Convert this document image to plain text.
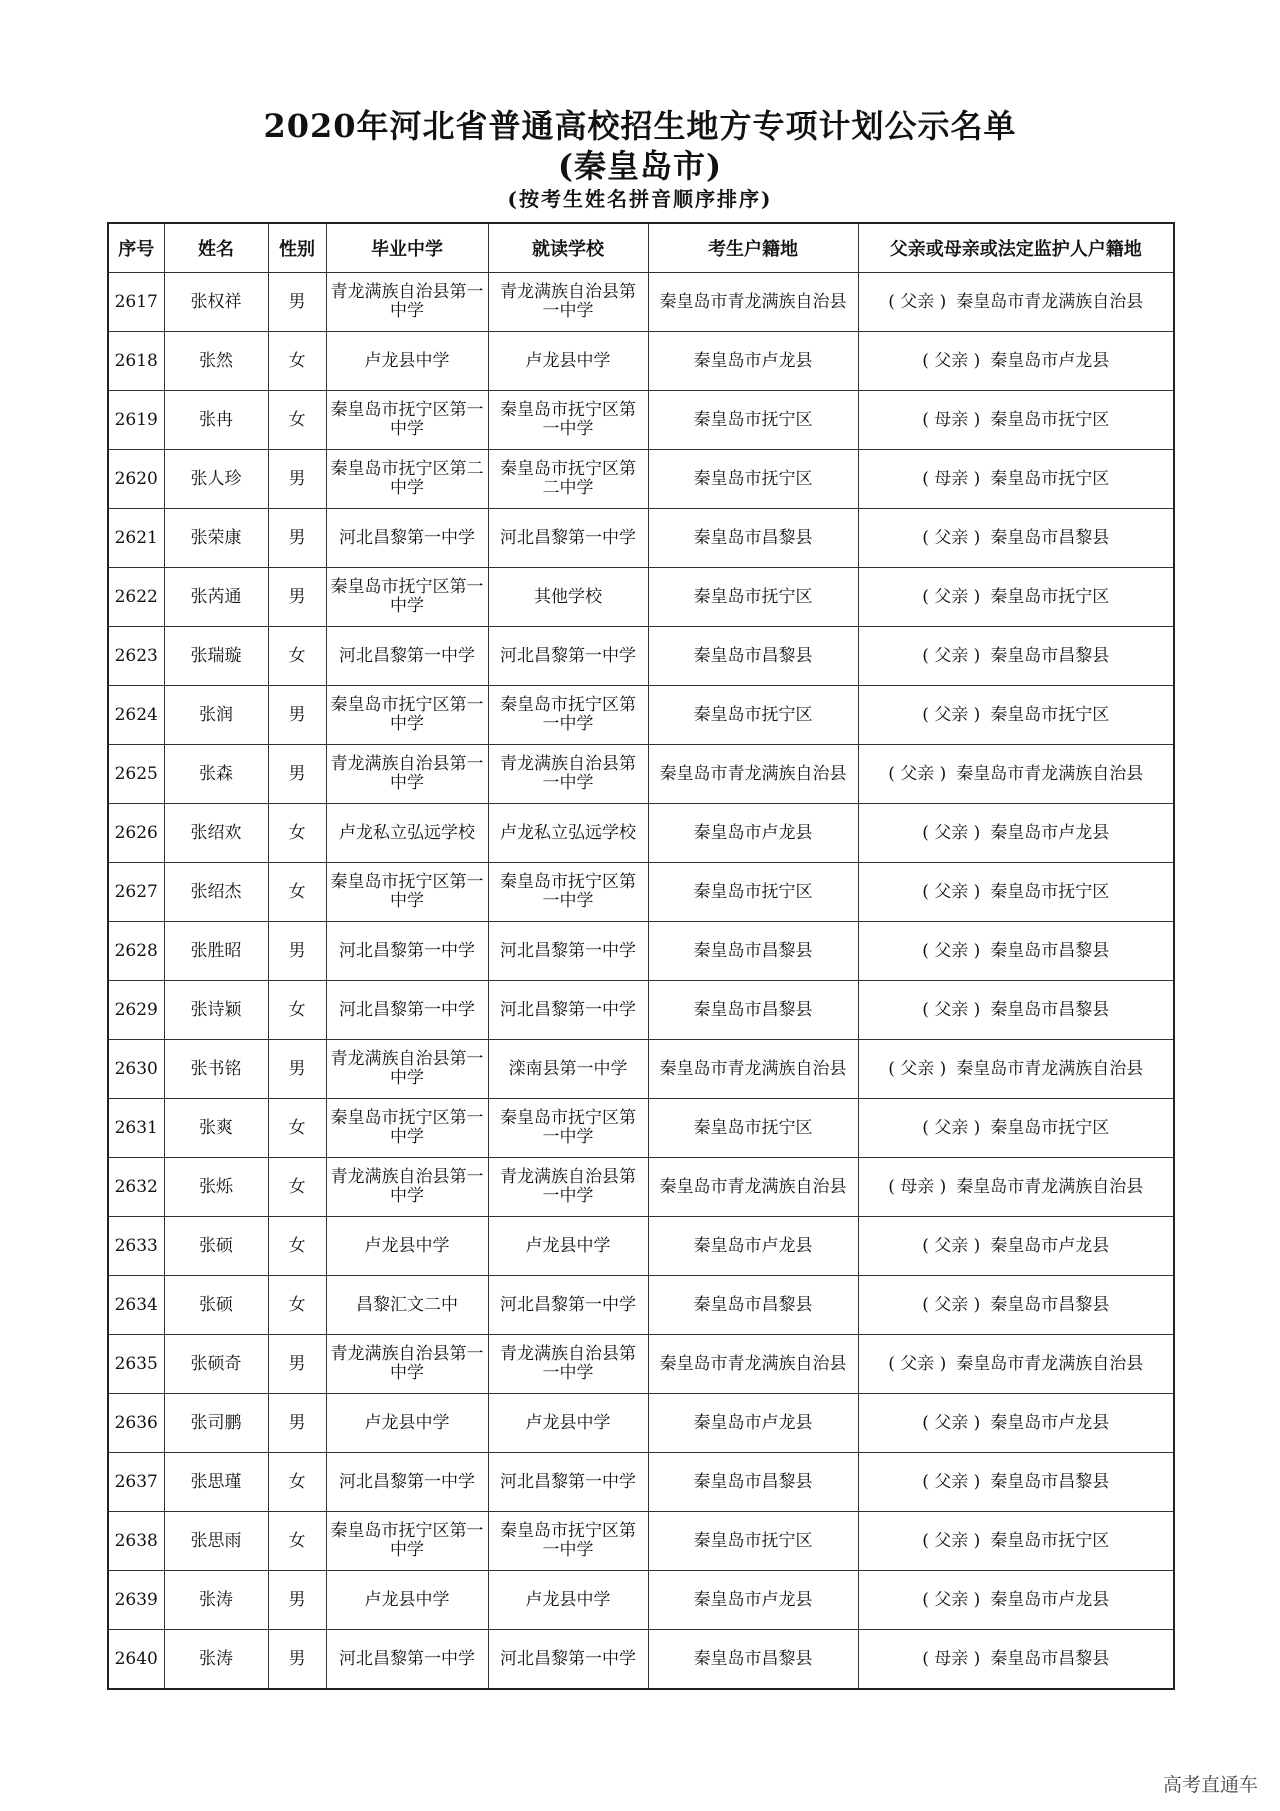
2020年河北省普通高校招生地方专项计划公示名单
(秦皇岛市)
(按考生姓名拼音顺序排序)
序号	姓名	性别	毕业中学	就读学校	考生户籍地	父亲或母亲或法定监护人户籍地
2617	张权祥	男	青龙满族自治县第一中学	青龙满族自治县第一中学	秦皇岛市青龙满族自治县	( 父亲 ) 秦皇岛市青龙满族自治县
2618	张然	女	卢龙县中学	卢龙县中学	秦皇岛市卢龙县	( 父亲 ) 秦皇岛市卢龙县
2619	张冉	女	秦皇岛市抚宁区第一中学	秦皇岛市抚宁区第一中学	秦皇岛市抚宁区	( 母亲 ) 秦皇岛市抚宁区
2620	张人珍	男	秦皇岛市抚宁区第二中学	秦皇岛市抚宁区第二中学	秦皇岛市抚宁区	( 母亲 ) 秦皇岛市抚宁区
2621	张荣康	男	河北昌黎第一中学	河北昌黎第一中学	秦皇岛市昌黎县	( 父亲 ) 秦皇岛市昌黎县
2622	张芮通	男	秦皇岛市抚宁区第一中学	其他学校	秦皇岛市抚宁区	( 父亲 ) 秦皇岛市抚宁区
2623	张瑞璇	女	河北昌黎第一中学	河北昌黎第一中学	秦皇岛市昌黎县	( 父亲 ) 秦皇岛市昌黎县
2624	张润	男	秦皇岛市抚宁区第一中学	秦皇岛市抚宁区第一中学	秦皇岛市抚宁区	( 父亲 ) 秦皇岛市抚宁区
2625	张森	男	青龙满族自治县第一中学	青龙满族自治县第一中学	秦皇岛市青龙满族自治县	( 父亲 ) 秦皇岛市青龙满族自治县
2626	张绍欢	女	卢龙私立弘远学校	卢龙私立弘远学校	秦皇岛市卢龙县	( 父亲 ) 秦皇岛市卢龙县
2627	张绍杰	女	秦皇岛市抚宁区第一中学	秦皇岛市抚宁区第一中学	秦皇岛市抚宁区	( 父亲 ) 秦皇岛市抚宁区
2628	张胜昭	男	河北昌黎第一中学	河北昌黎第一中学	秦皇岛市昌黎县	( 父亲 ) 秦皇岛市昌黎县
2629	张诗颖	女	河北昌黎第一中学	河北昌黎第一中学	秦皇岛市昌黎县	( 父亲 ) 秦皇岛市昌黎县
2630	张书铭	男	青龙满族自治县第一中学	滦南县第一中学	秦皇岛市青龙满族自治县	( 父亲 ) 秦皇岛市青龙满族自治县
2631	张爽	女	秦皇岛市抚宁区第一中学	秦皇岛市抚宁区第一中学	秦皇岛市抚宁区	( 父亲 ) 秦皇岛市抚宁区
2632	张烁	女	青龙满族自治县第一中学	青龙满族自治县第一中学	秦皇岛市青龙满族自治县	( 母亲 ) 秦皇岛市青龙满族自治县
2633	张硕	女	卢龙县中学	卢龙县中学	秦皇岛市卢龙县	( 父亲 ) 秦皇岛市卢龙县
2634	张硕	女	昌黎汇文二中	河北昌黎第一中学	秦皇岛市昌黎县	( 父亲 ) 秦皇岛市昌黎县
2635	张硕奇	男	青龙满族自治县第一中学	青龙满族自治县第一中学	秦皇岛市青龙满族自治县	( 父亲 ) 秦皇岛市青龙满族自治县
2636	张司鹏	男	卢龙县中学	卢龙县中学	秦皇岛市卢龙县	( 父亲 ) 秦皇岛市卢龙县
2637	张思瑾	女	河北昌黎第一中学	河北昌黎第一中学	秦皇岛市昌黎县	( 父亲 ) 秦皇岛市昌黎县
2638	张思雨	女	秦皇岛市抚宁区第一中学	秦皇岛市抚宁区第一中学	秦皇岛市抚宁区	( 父亲 ) 秦皇岛市抚宁区
2639	张涛	男	卢龙县中学	卢龙县中学	秦皇岛市卢龙县	( 父亲 ) 秦皇岛市卢龙县
2640	张涛	男	河北昌黎第一中学	河北昌黎第一中学	秦皇岛市昌黎县	( 母亲 ) 秦皇岛市昌黎县
高考直通车
